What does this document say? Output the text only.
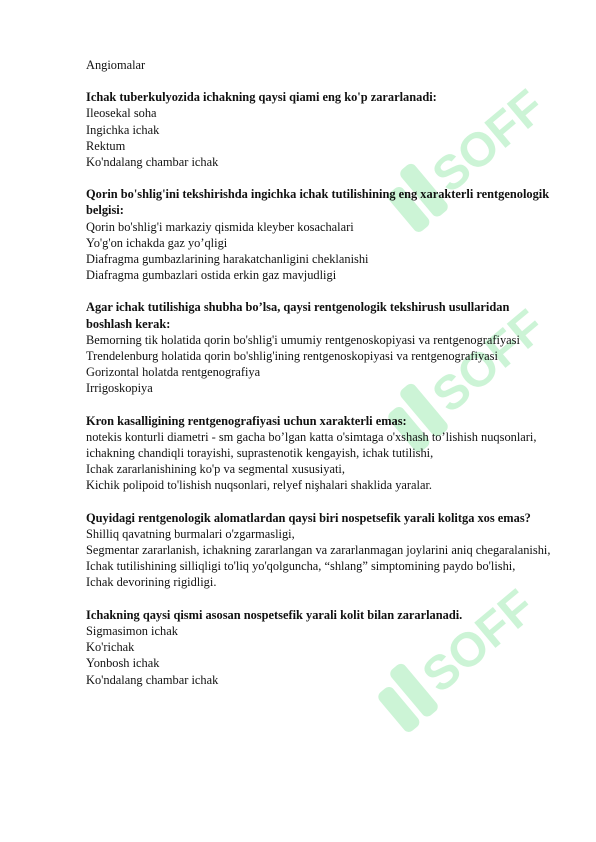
SOFF
SOFF
SOFF

Angiomalar

Ichak tuberkulyozida ichakning qaysi qiami eng ko'p zararlanadi:

Ileosekal soha

Ingichka ichak

Rektum

Ko'ndalang chambar ichak

Qorin bo'shlig'ini tekshirishda ingichka ichak tutilishining eng xarakterli rentgenologik belgisi:

Qorin bo'shlig'i markaziy qismida kleyber kosachalari

Yo'g'on ichakda gaz yo’qligi

Diafragma gumbazlarining harakatchanligini cheklanishi

Diafragma gumbazlari ostida erkin gaz mavjudligi

Agar ichak tutilishiga shubha bo’lsa, qaysi rentgenologik tekshirush usullaridan boshlash kerak:

Bemorning tik holatida qorin bo'shlig'i umumiy rentgenoskopiyasi va rentgenografiyasi

Trendelenburg holatida qorin bo'shlig'ining rentgenoskopiyasi va rentgenografiyasi

Gorizontal holatda rentgenografiya

Irrigoskopiya

Kron kasalligining rentgenografiyasi uchun xarakterli emas:

notekis konturli diametri - sm gacha bo’lgan katta o'simtaga o'xshash to’lishish nuqsonlari,

ichakning chandiqli torayishi, suprastenotik kengayish, ichak tutilishi,

Ichak zararlanishining ko'p va segmental xususiyati,

Kichik polipoid to'lishish nuqsonlari, relyef nişhalari shaklida yaralar.

Quyidagi rentgenologik alomatlardan qaysi biri nospetsefik yarali kolitga xos emas?

Shilliq qavatning burmalari o'zgarmasligi,

Segmentar zararlanish, ichakning zararlangan va zararlanmagan joylarini aniq chegaralanishi,

Ichak tutilishining silliqligi to'liq yo'qolguncha, “shlang” simptomining paydo bo'lishi,

Ichak devorining rigidligi.

Ichakning qaysi qismi asosan nospetsefik yarali kolit bilan zararlanadi.

Sigmasimon ichak

Ko'richak

Yonbosh ichak

Ko'ndalang chambar ichak
